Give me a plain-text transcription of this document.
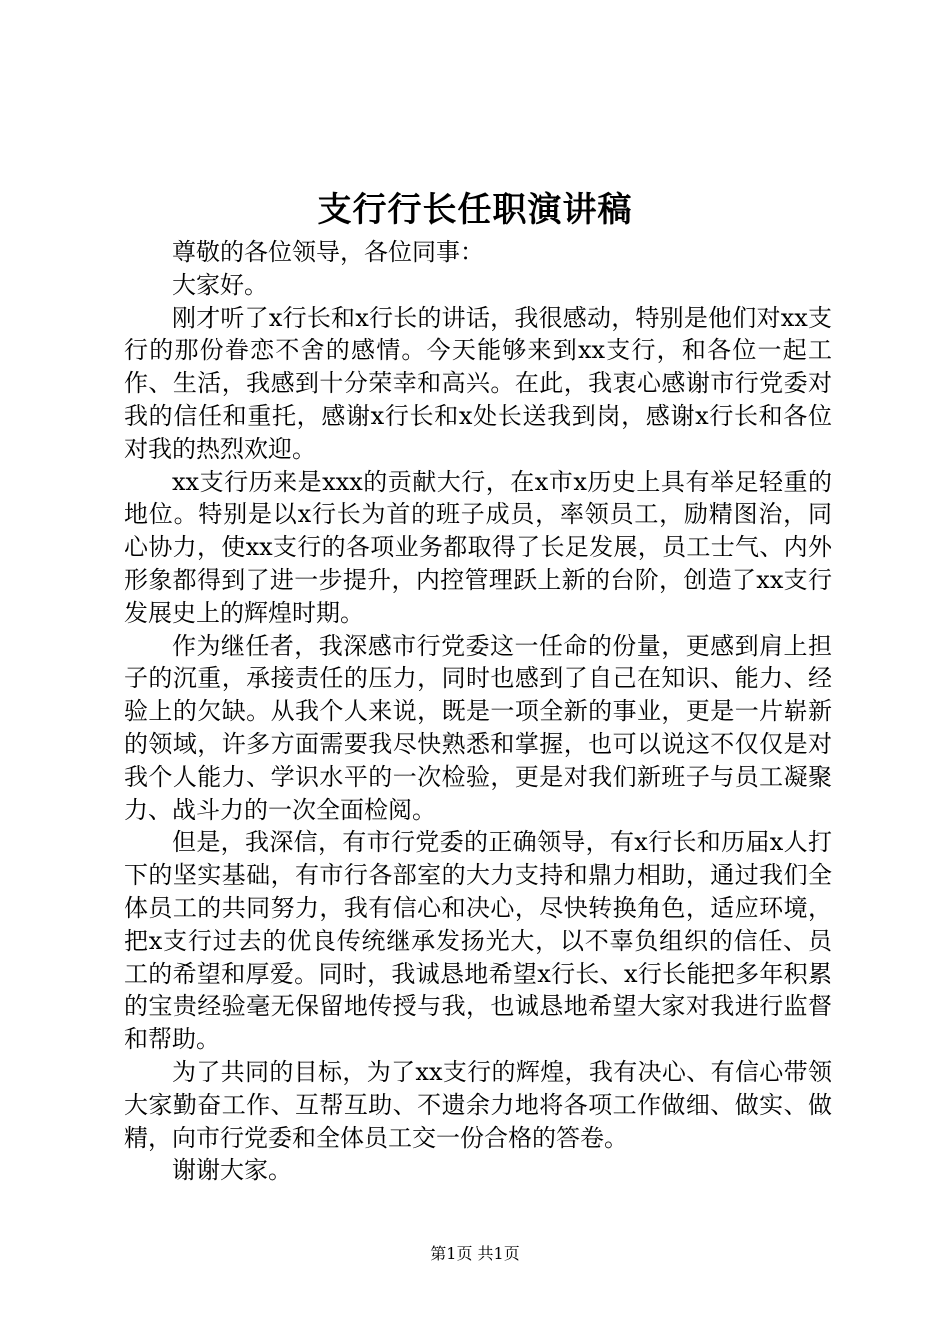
支行行长任职演讲稿

尊敬的各位领导，各位同事：

大家好。

刚才听了x行长和x行长的讲话，我很感动，特别是他们对xx支行的那份眷恋不舍的感情。今天能够来到xx支行，和各位一起工作、生活，我感到十分荣幸和高兴。在此，我衷心感谢市行党委对我的信任和重托，感谢x行长和x处长送我到岗，感谢x行长和各位对我的热烈欢迎。

xx支行历来是xxx的贡献大行，在x市x历史上具有举足轻重的地位。特别是以x行长为首的班子成员，率领员工，励精图治，同心协力，使xx支行的各项业务都取得了长足发展，员工士气、内外形象都得到了进一步提升，内控管理跃上新的台阶，创造了xx支行发展史上的辉煌时期。

作为继任者，我深感市行党委这一任命的份量，更感到肩上担子的沉重，承接责任的压力，同时也感到了自己在知识、能力、经验上的欠缺。从我个人来说，既是一项全新的事业，更是一片崭新的领域，许多方面需要我尽快熟悉和掌握，也可以说这不仅仅是对我个人能力、学识水平的一次检验，更是对我们新班子与员工凝聚力、战斗力的一次全面检阅。

但是，我深信，有市行党委的正确领导，有x行长和历届x人打下的坚实基础，有市行各部室的大力支持和鼎力相助，通过我们全体员工的共同努力，我有信心和决心，尽快转换角色，适应环境，把x支行过去的优良传统继承发扬光大，以不辜负组织的信任、员工的希望和厚爱。同时，我诚恳地希望x行长、x行长能把多年积累的宝贵经验毫无保留地传授与我，也诚恳地希望大家对我进行监督和帮助。

为了共同的目标，为了xx支行的辉煌，我有决心、有信心带领大家勤奋工作、互帮互助、不遗余力地将各项工作做细、做实、做精，向市行党委和全体员工交一份合格的答卷。

谢谢大家。

第1页 共1页
